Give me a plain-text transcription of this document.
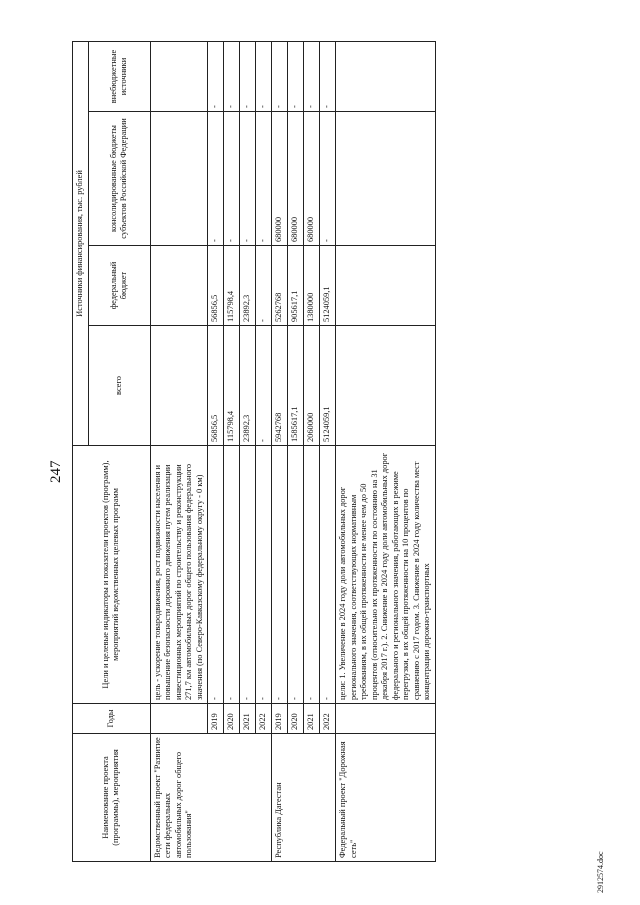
247
Наименование проекта (программы), мероприятия	Годы	Цели и целевые индикаторы и показатели проектов (программ), мероприятий ведомственных целевых программ	Источники финансирования, тыс. рублей			
			всего	федеральный бюджет	консолидированные бюджеты субъектов Российской Федерации	внебюджетные источники
Ведомственный проект "Развитие сети федеральных автомобильных дорог общего пользования"		цель - ускорение товародвижения, рост подвижности населения и повышение безопасности дорожного движения путем реализации инвестиционных мероприятий по строительству и реконструкции 271,7 км автомобильных дорог общего пользования федерального значения (по Северо-Кавказскому федеральному округу - 0 км)				
	2019	-	56856,5	56856,5	-	-
	2020	-	115798,4	115798,4	-	-
	2021	-	23892,3	23892,3	-	-
	2022	-	-	-	-	-
Республика Дагестан	2019	-	5942768	5262768	680000	-
	2020	-	1585617,1	905617,1	680000	-
	2021	-	2060000	1380000	680000	-
	2022	-	5124059,1	5124059,1	-	-
Федеральный проект "Дорожная сеть"		цели: 1. Увеличение в 2024 году доли автомобильных дорог регионального значения, соответствующих нормативным требованиям, в их общей протяженности не менее чем до 50 процентов (относительно их протяженности по состоянию на 31 декабря 2017 г.). 2. Снижение в 2024 году доли автомобильных дорог федерального и регионального значения, работающих в режиме перегрузки, в их общей протяженности на 10 процентов по сравнению с 2017 годом. 3. Снижение в 2024 году количества мест концентрации дорожно-транспортных				
2912574.doc
